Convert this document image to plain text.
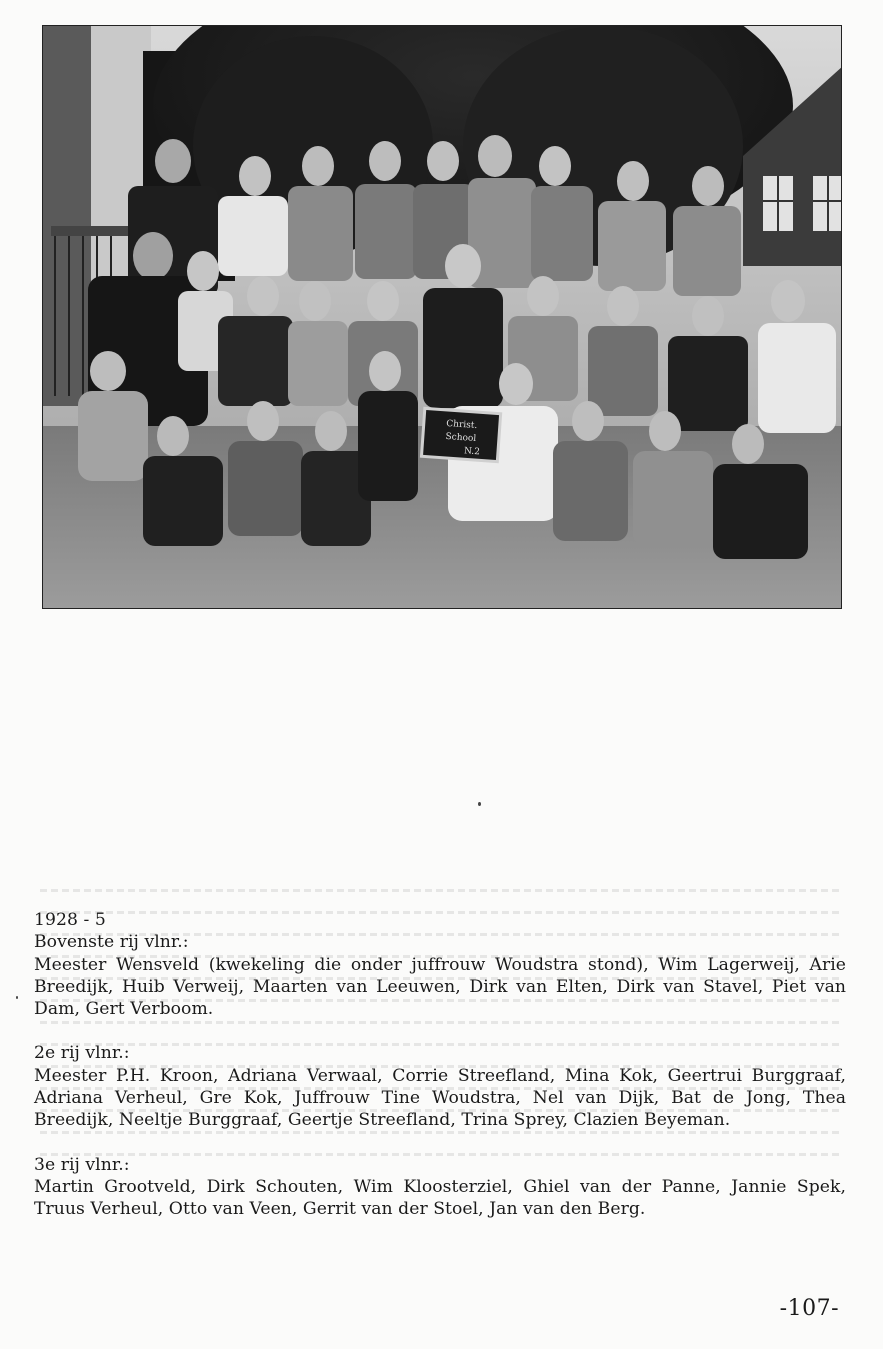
Christ.
School
N.2

1928 - 5

Bovenste rij vlnr.:

Meester Wensveld (kwekeling die onder juffrouw Woudstra stond), Wim Lagerweij, Arie Breedijk, Huib Verweij, Maarten van Leeuwen, Dirk van Elten, Dirk van Stavel, Piet van Dam, Gert Verboom.

2e rij vlnr.:

Meester P.H. Kroon, Adriana Verwaal, Corrie Streefland, Mina Kok, Geertrui Burggraaf, Adriana Verheul, Gre Kok, Juffrouw Tine Woudstra, Nel van Dijk, Bat de Jong, Thea Breedijk, Neeltje Burggraaf, Geertje Streefland, Trina Sprey, Clazien Beyeman.

3e rij vlnr.:

Martin Grootveld, Dirk Schouten, Wim Kloosterziel, Ghiel van der Panne, Jannie Spek, Truus Verheul, Otto van Veen, Gerrit van der Stoel, Jan van den Berg.

-107-
